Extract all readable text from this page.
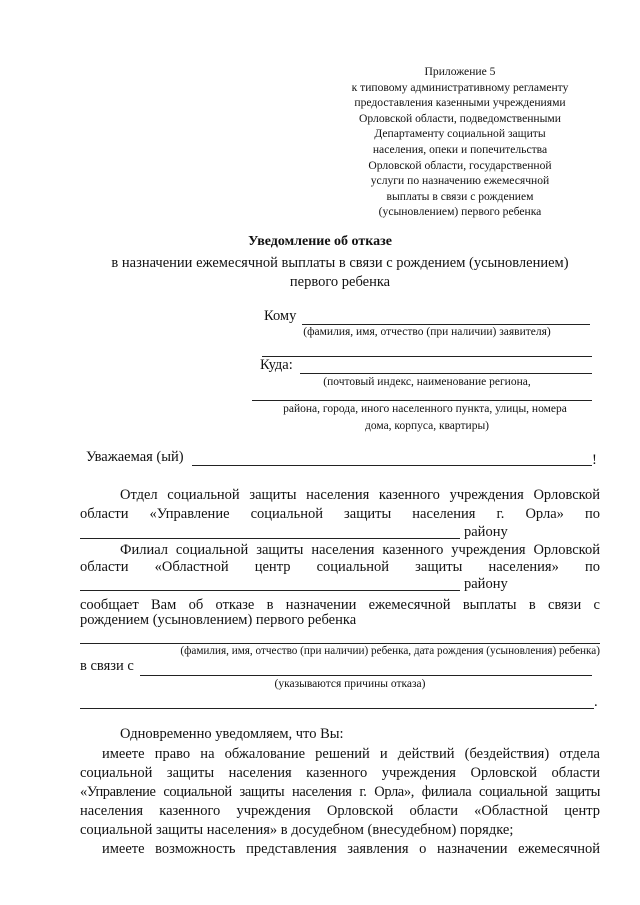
Приложение 5
к типовому административному регламенту
предоставления казенными учреждениями
Орловской области, подведомственными
Департаменту социальной защиты
населения, опеки и попечительства
Орловской области, государственной
услуги по назначению ежемесячной
выплаты в связи с рождением
(усыновлением) первого ребенка
Уведомление об отказе
в назначении ежемесячной выплаты в связи с рождением (усыновлением)
первого ребенка
Кому
(фамилия, имя, отчество (при наличии) заявителя)
Куда:
(почтовый индекс, наименование региона,
района, города, иного населенного пункта, улицы, номера
дома, корпуса, квартиры)
Уважаемая (ый)	!
Отдел социальной защиты населения казенного учреждения Орловской
области «Управление социальной защиты населения г. Орла» по
району
Филиал социальной защиты населения казенного учреждения Орловской
области «Областной центр социальной защиты населения» по
району
сообщает Вам об отказе в назначении ежемесячной выплаты в связи с
рождением (усыновлением) первого ребенка
(фамилия, имя, отчество (при наличии) ребенка, дата рождения (усыновления) ребенка)
в связи с
(указываются причины отказа)
.
Одновременно уведомляем, что Вы:
имеете право на обжалование решений и действий (бездействия) отдела
социальной защиты населения казенного учреждения Орловской области
«Управление социальной защиты населения г. Орла», филиала социальной защиты
населения казенного учреждения Орловской области «Областной центр
социальной защиты населения» в досудебном (внесудебном) порядке;
имеете возможность представления заявления о назначении ежемесячной
